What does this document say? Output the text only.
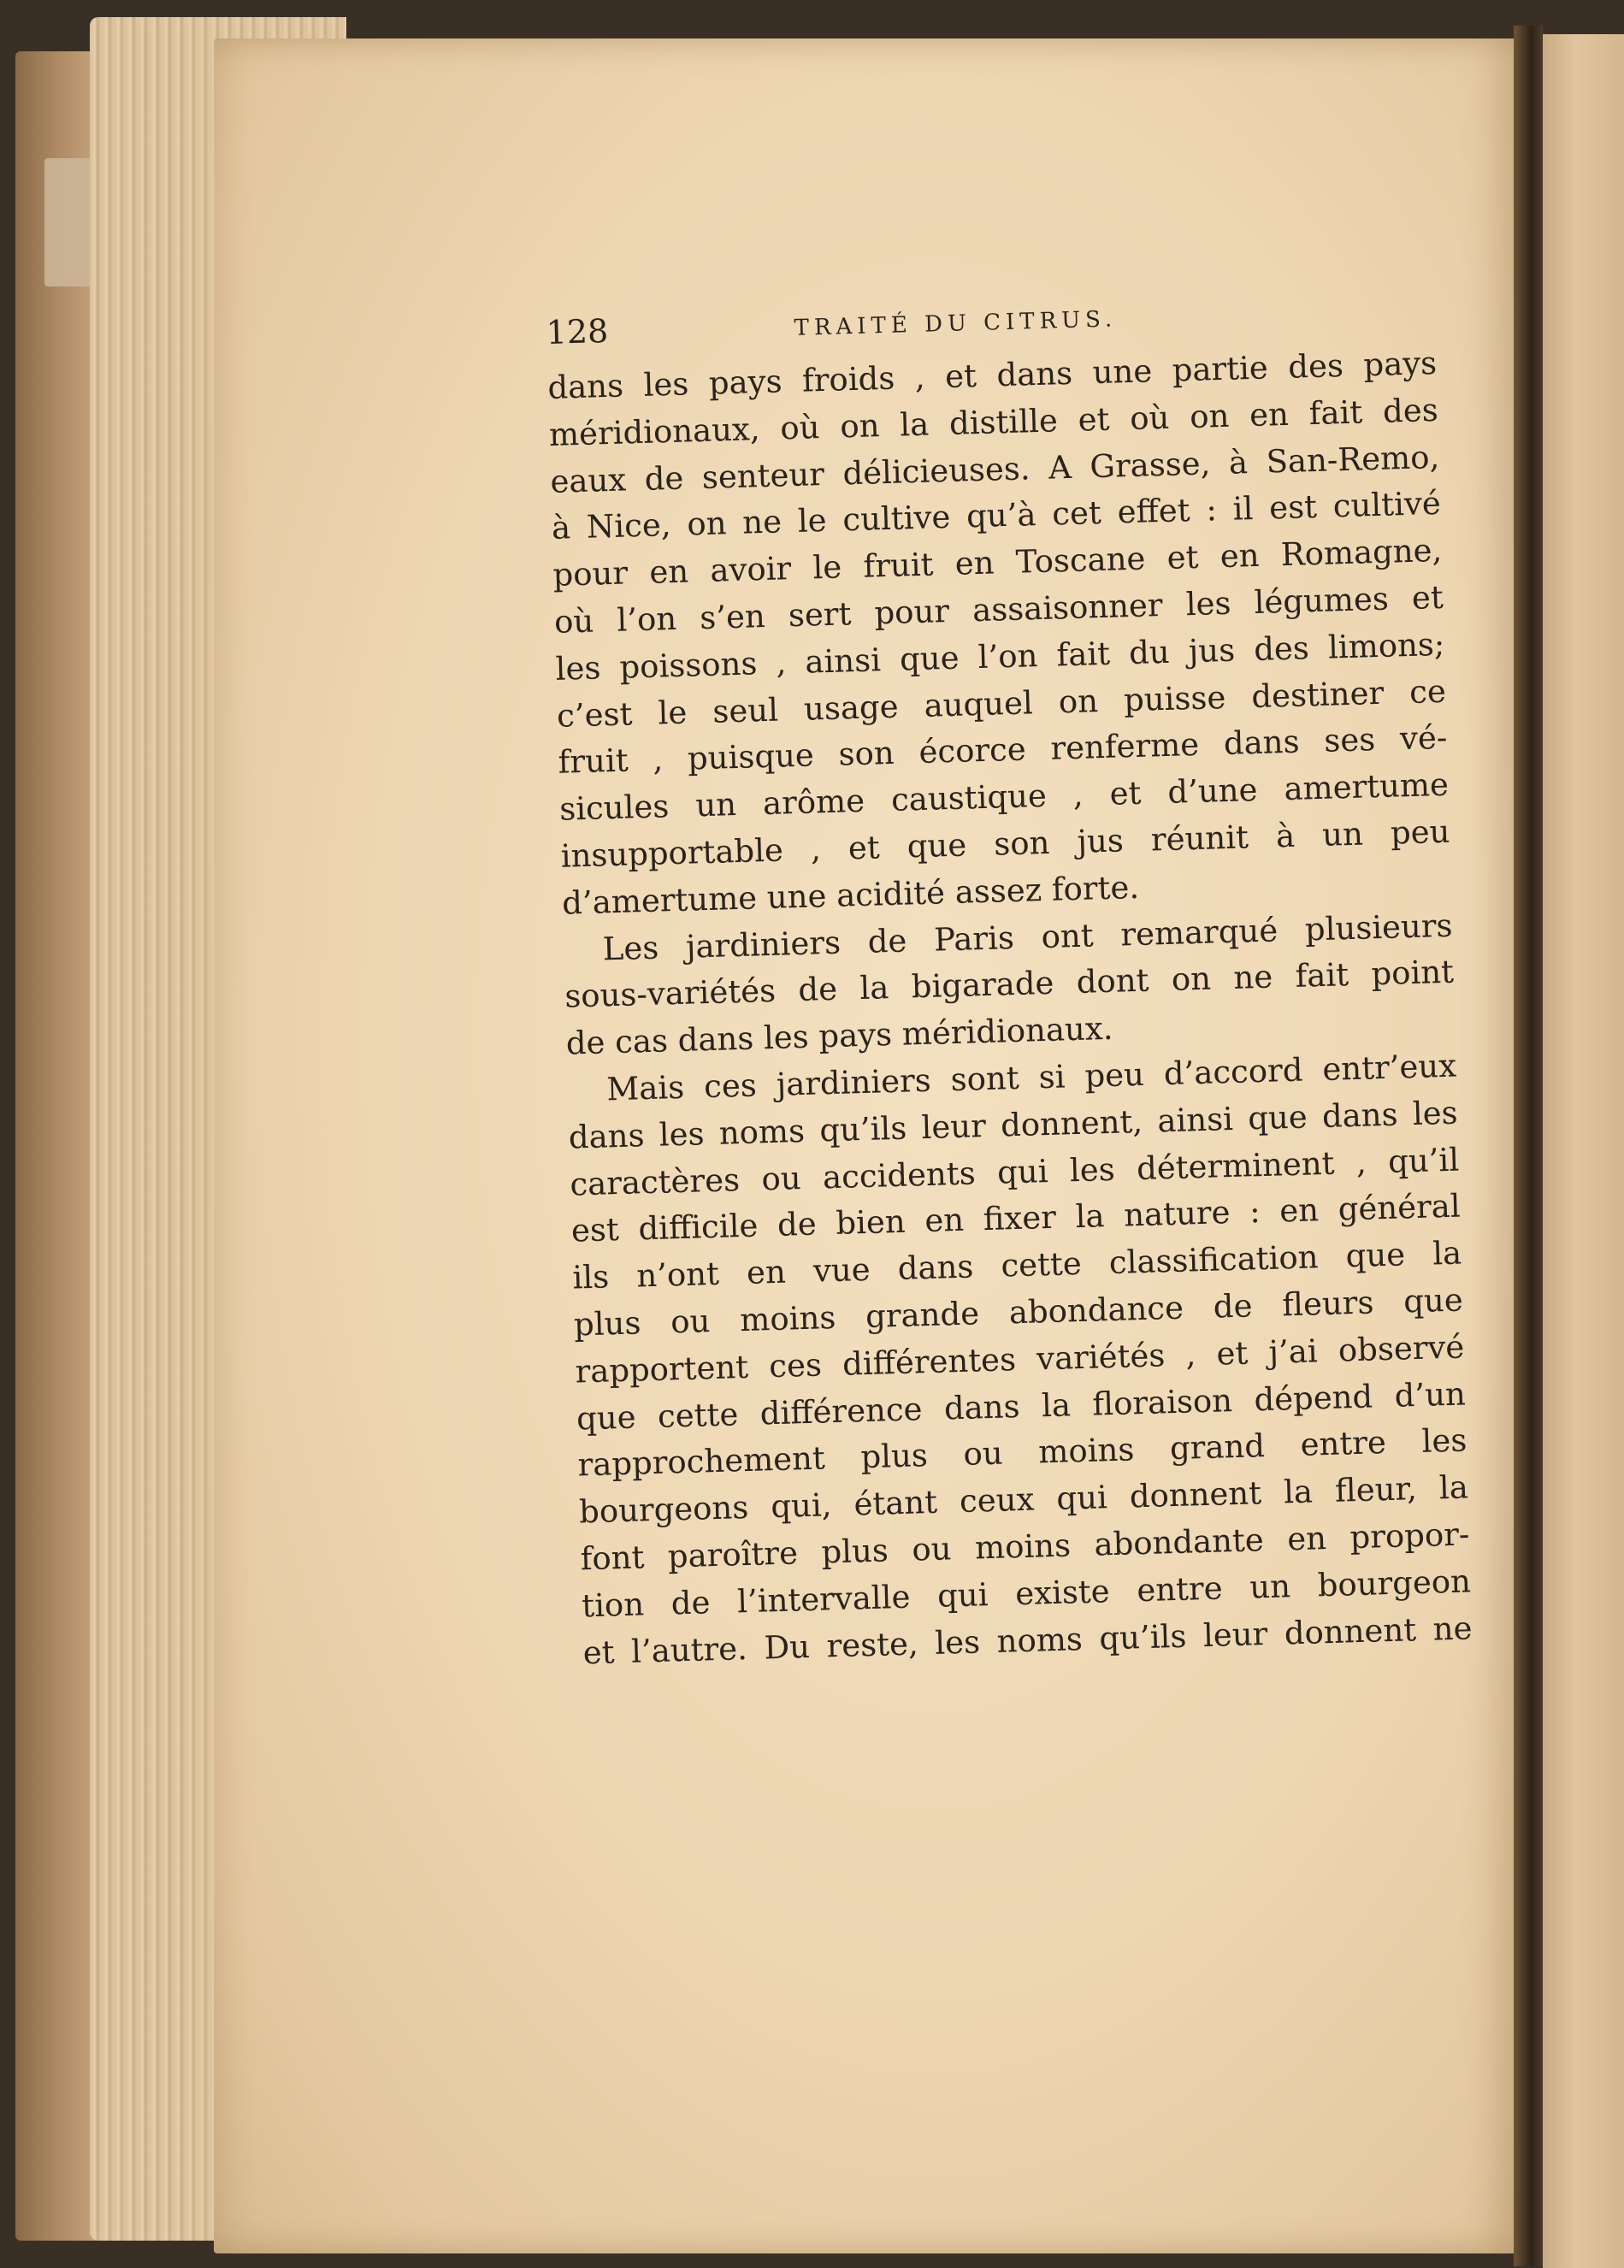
128	TRAITÉ DU CITRUS.
dans les pays froids , et dans une partie des pays
méridionaux, où on la distille et où on en fait des
eaux de senteur délicieuses. A Grasse, à San-Remo,
à Nice, on ne le cultive qu’à cet effet : il est cultivé
pour en avoir le fruit en Toscane et en Romagne,
où l’on s’en sert pour assaisonner les légumes et
les poissons , ainsi que l’on fait du jus des limons;
c’est le seul usage auquel on puisse destiner ce
fruit , puisque son écorce renferme dans ses vé-
sicules un arôme caustique , et d’une amertume
insupportable , et que son jus réunit à un peu
d’amertume une acidité assez forte.
Les jardiniers de Paris ont remarqué plusieurs
sous-variétés de la bigarade dont on ne fait point
de cas dans les pays méridionaux.
Mais ces jardiniers sont si peu d’accord entr’eux
dans les noms qu’ils leur donnent, ainsi que dans les
caractères ou accidents qui les déterminent , qu’il
est difficile de bien en fixer la nature : en général
ils n’ont en vue dans cette classification que la
plus ou moins grande abondance de fleurs que
rapportent ces différentes variétés , et j’ai observé
que cette différence dans la floraison dépend d’un
rapprochement plus ou moins grand entre les
bourgeons qui, étant ceux qui donnent la fleur, la
font paroître plus ou moins abondante en propor-
tion de l’intervalle qui existe entre un bourgeon
et l’autre. Du reste, les noms qu’ils leur donnent ne
